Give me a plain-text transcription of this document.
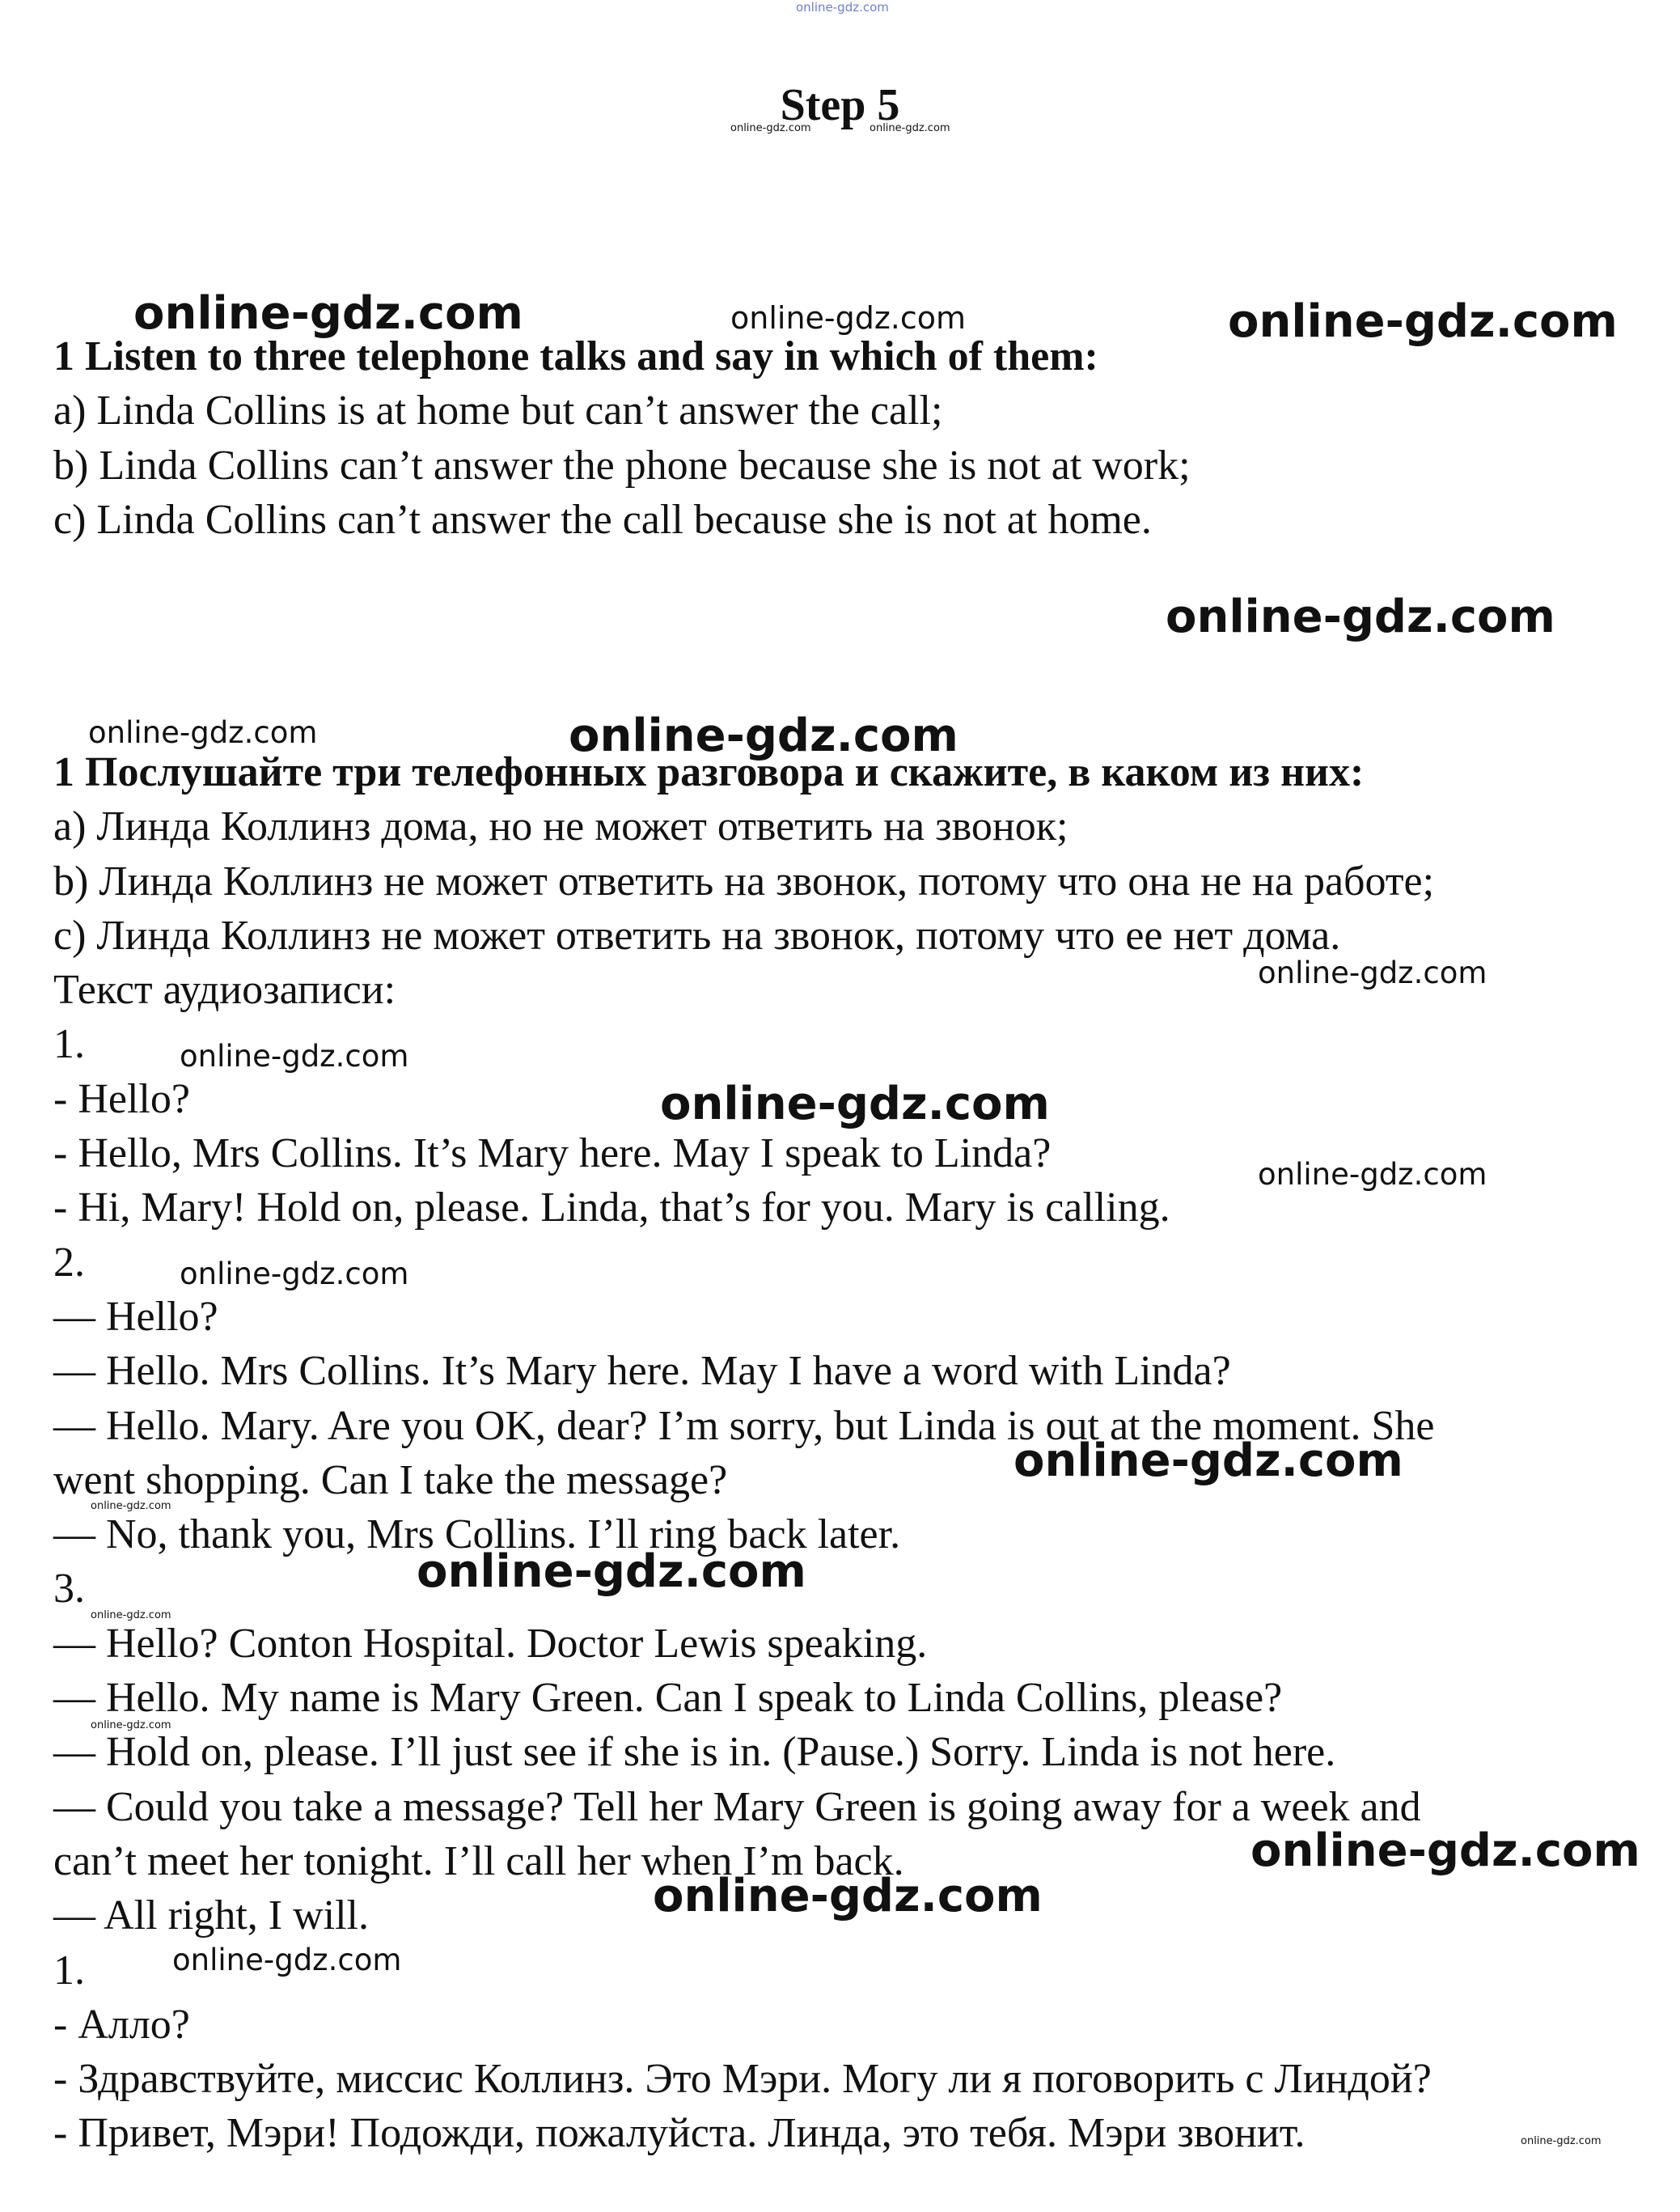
Step 5
1 Listen to three telephone talks and say in which of them:
a) Linda Collins is at home but can’t answer the call;
b) Linda Collins can’t answer the phone because she is not at work;
c) Linda Collins can’t answer the call because she is not at home.
1 Послушайте три телефонных разговора и скажите, в каком из них:
a) Линда Коллинз дома, но не может ответить на звонок;
b) Линда Коллинз не может ответить на звонок, потому что она не на работе;
c) Линда Коллинз не может ответить на звонок, потому что ее нет дома.
Текст аудиозаписи:
1.
- Hello?
- Hello, Mrs Collins. It’s Mary here. May I speak to Linda?
- Hi, Mary! Hold on, please. Linda, that’s for you. Mary is calling.
2.
— Hello?
— Hello. Mrs Collins. It’s Mary here. May I have a word with Linda?
— Hello. Mary. Are you OK, dear? I’m sorry, but Linda is out at the moment. She
went shopping. Can I take the message?
— No, thank you, Mrs Collins. I’ll ring back later.
3.
— Hello? Conton Hospital. Doctor Lewis speaking.
— Hello. My name is Mary Green. Can I speak to Linda Collins, please?
— Hold on, please. I’ll just see if she is in. (Pause.) Sorry. Linda is not here.
— Could you take a message? Tell her Mary Green is going away for a week and
can’t meet her tonight. I’ll call her when I’m back.
— All right, I will.
1.
- Алло?
- Здравствуйте, миссис Коллинз. Это Мэри. Могу ли я поговорить с Линдой?
- Привет, Мэри! Подожди, пожалуйста. Линда, это тебя. Мэри звонит.
online-gdz.com
online-gdz.com	online-gdz.com
online-gdz.com	online-gdz.com	online-gdz.com
online-gdz.com
online-gdz.com	online-gdz.com
online-gdz.com
online-gdz.com
online-gdz.com
online-gdz.com
online-gdz.com
online-gdz.com
online-gdz.com
online-gdz.com
online-gdz.com
online-gdz.com
online-gdz.com
online-gdz.com
online-gdz.com
online-gdz.com
